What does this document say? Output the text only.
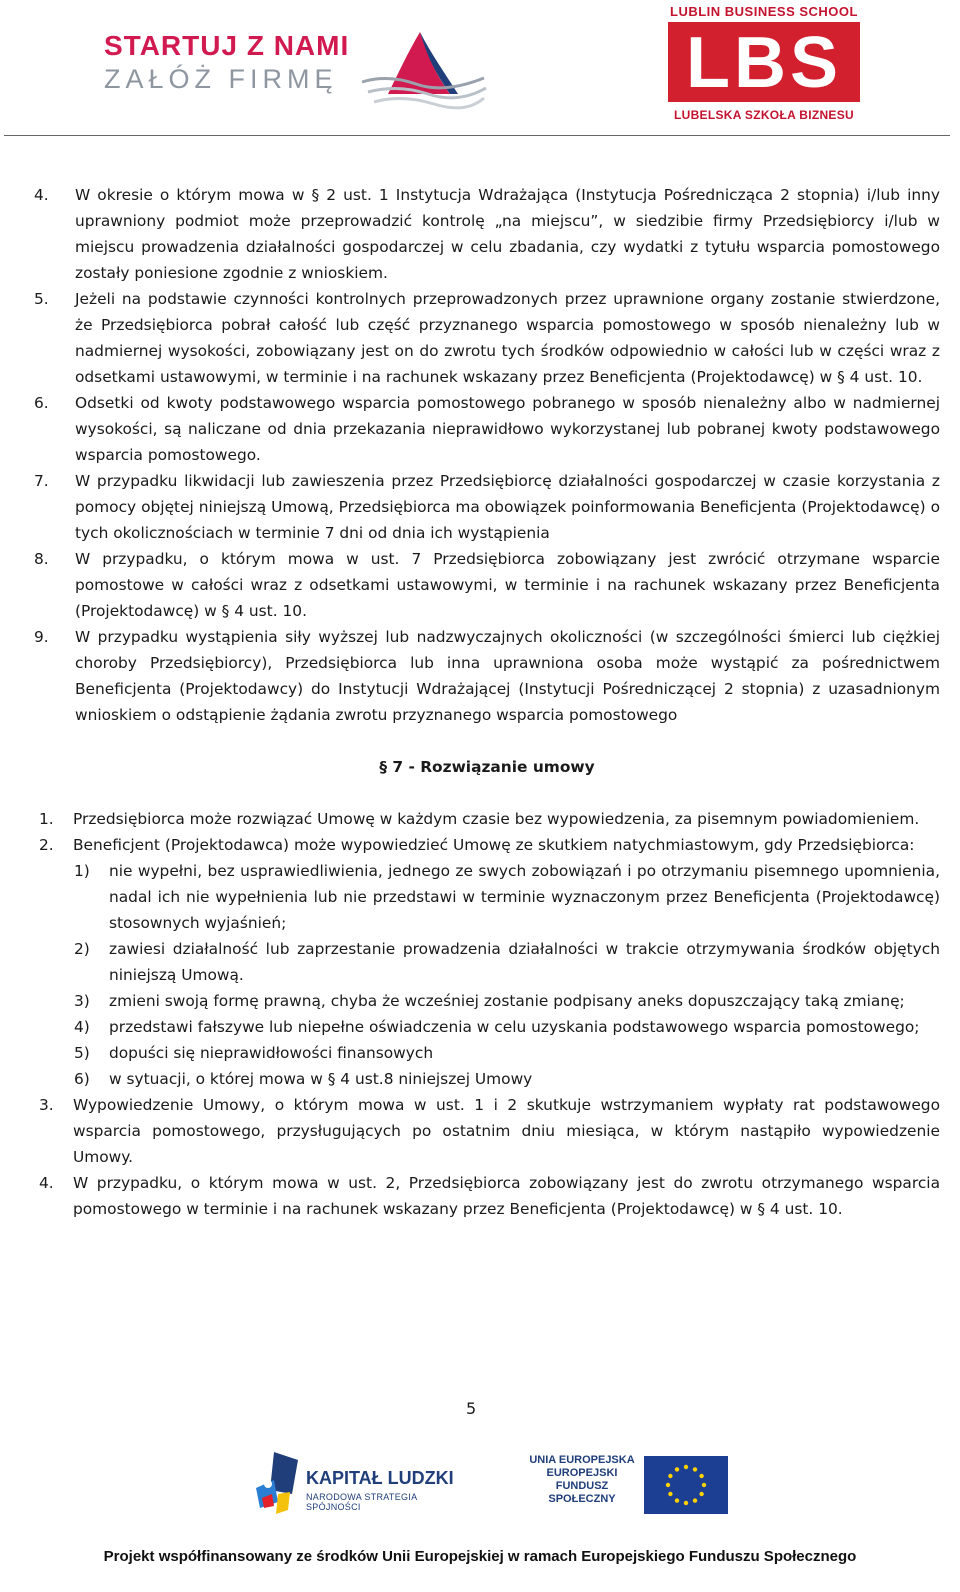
STARTUJ Z NAMI
ZAŁÓŻ FIRMĘ
LUBLIN BUSINESS SCHOOL
LBS
LUBELSKA SZKOŁA BIZNESU
4. W okresie o którym mowa w § 2 ust. 1 Instytucja Wdrażająca (Instytucja Pośrednicząca 2 stopnia) i/lub inny uprawniony podmiot może przeprowadzić kontrolę „na miejscu”, w siedzibie firmy Przedsiębiorcy i/lub w miejscu prowadzenia działalności gospodarczej w celu zbadania, czy wydatki z tytułu wsparcia pomostowego zostały poniesione zgodnie z wnioskiem.
5. Jeżeli na podstawie czynności kontrolnych przeprowadzonych przez uprawnione organy zostanie stwierdzone, że Przedsiębiorca pobrał całość lub część przyznanego wsparcia pomostowego w sposób nienależny lub w nadmiernej wysokości, zobowiązany jest on do zwrotu tych środków odpowiednio w całości lub w części wraz z odsetkami ustawowymi, w terminie i na rachunek wskazany przez Beneficjenta (Projektodawcę) w § 4 ust. 10.
6. Odsetki od kwoty podstawowego wsparcia pomostowego pobranego w sposób nienależny albo w nadmiernej wysokości, są naliczane od dnia przekazania nieprawidłowo wykorzystanej lub pobranej kwoty podstawowego wsparcia pomostowego.
7. W przypadku likwidacji lub zawieszenia przez Przedsiębiorcę działalności gospodarczej w czasie korzystania z pomocy objętej niniejszą Umową, Przedsiębiorca ma obowiązek poinformowania Beneficjenta (Projektodawcę) o tych okolicznościach w terminie 7 dni od dnia ich wystąpienia
8. W przypadku, o którym mowa w ust. 7 Przedsiębiorca zobowiązany jest zwrócić otrzymane wsparcie pomostowe w całości wraz z odsetkami ustawowymi, w terminie i na rachunek wskazany przez Beneficjenta (Projektodawcę) w § 4 ust. 10.
9. W przypadku wystąpienia siły wyższej lub nadzwyczajnych okoliczności (w szczególności śmierci lub ciężkiej choroby Przedsiębiorcy), Przedsiębiorca lub inna uprawniona osoba może wystąpić za pośrednictwem Beneficjenta (Projektodawcy) do Instytucji Wdrażającej (Instytucji Pośredniczącej 2 stopnia) z uzasadnionym wnioskiem o odstąpienie żądania zwrotu przyznanego wsparcia pomostowego
§ 7 - Rozwiązanie umowy
1. Przedsiębiorca może rozwiązać Umowę w każdym czasie bez wypowiedzenia, za pisemnym powiadomieniem.
2. Beneficjent (Projektodawca) może wypowiedzieć Umowę ze skutkiem natychmiastowym, gdy Przedsiębiorca:
1) nie wypełni, bez usprawiedliwienia, jednego ze swych zobowiązań i po otrzymaniu pisemnego upomnienia, nadal ich nie wypełnienia lub nie przedstawi w terminie wyznaczonym przez Beneficjenta (Projektodawcę) stosownych wyjaśnień;
2) zawiesi działalność lub zaprzestanie prowadzenia działalności w trakcie otrzymywania środków objętych niniejszą Umową.
3) zmieni swoją formę prawną, chyba że wcześniej zostanie podpisany aneks dopuszczający taką zmianę;
4) przedstawi fałszywe lub niepełne oświadczenia w celu uzyskania podstawowego wsparcia pomostowego;
5) dopuści się nieprawidłowości finansowych
6) w sytuacji, o której mowa w § 4 ust.8 niniejszej Umowy
3. Wypowiedzenie Umowy, o którym mowa w ust. 1 i 2 skutkuje wstrzymaniem wypłaty rat podstawowego wsparcia pomostowego, przysługujących po ostatnim dniu miesiąca, w którym nastąpiło wypowiedzenie Umowy.
4. W przypadku, o którym mowa w ust. 2, Przedsiębiorca zobowiązany jest do zwrotu otrzymanego wsparcia pomostowego w terminie i na rachunek wskazany przez Beneficjenta (Projektodawcę) w § 4 ust. 10.
5
KAPITAŁ LUDZKI
NARODOWA STRATEGIA SPÓJNOŚCI
UNIA EUROPEJSKA
EUROPEJSKI
FUNDUSZ SPOŁECZNY
Projekt współfinansowany ze środków Unii Europejskiej w ramach Europejskiego Funduszu Społecznego
